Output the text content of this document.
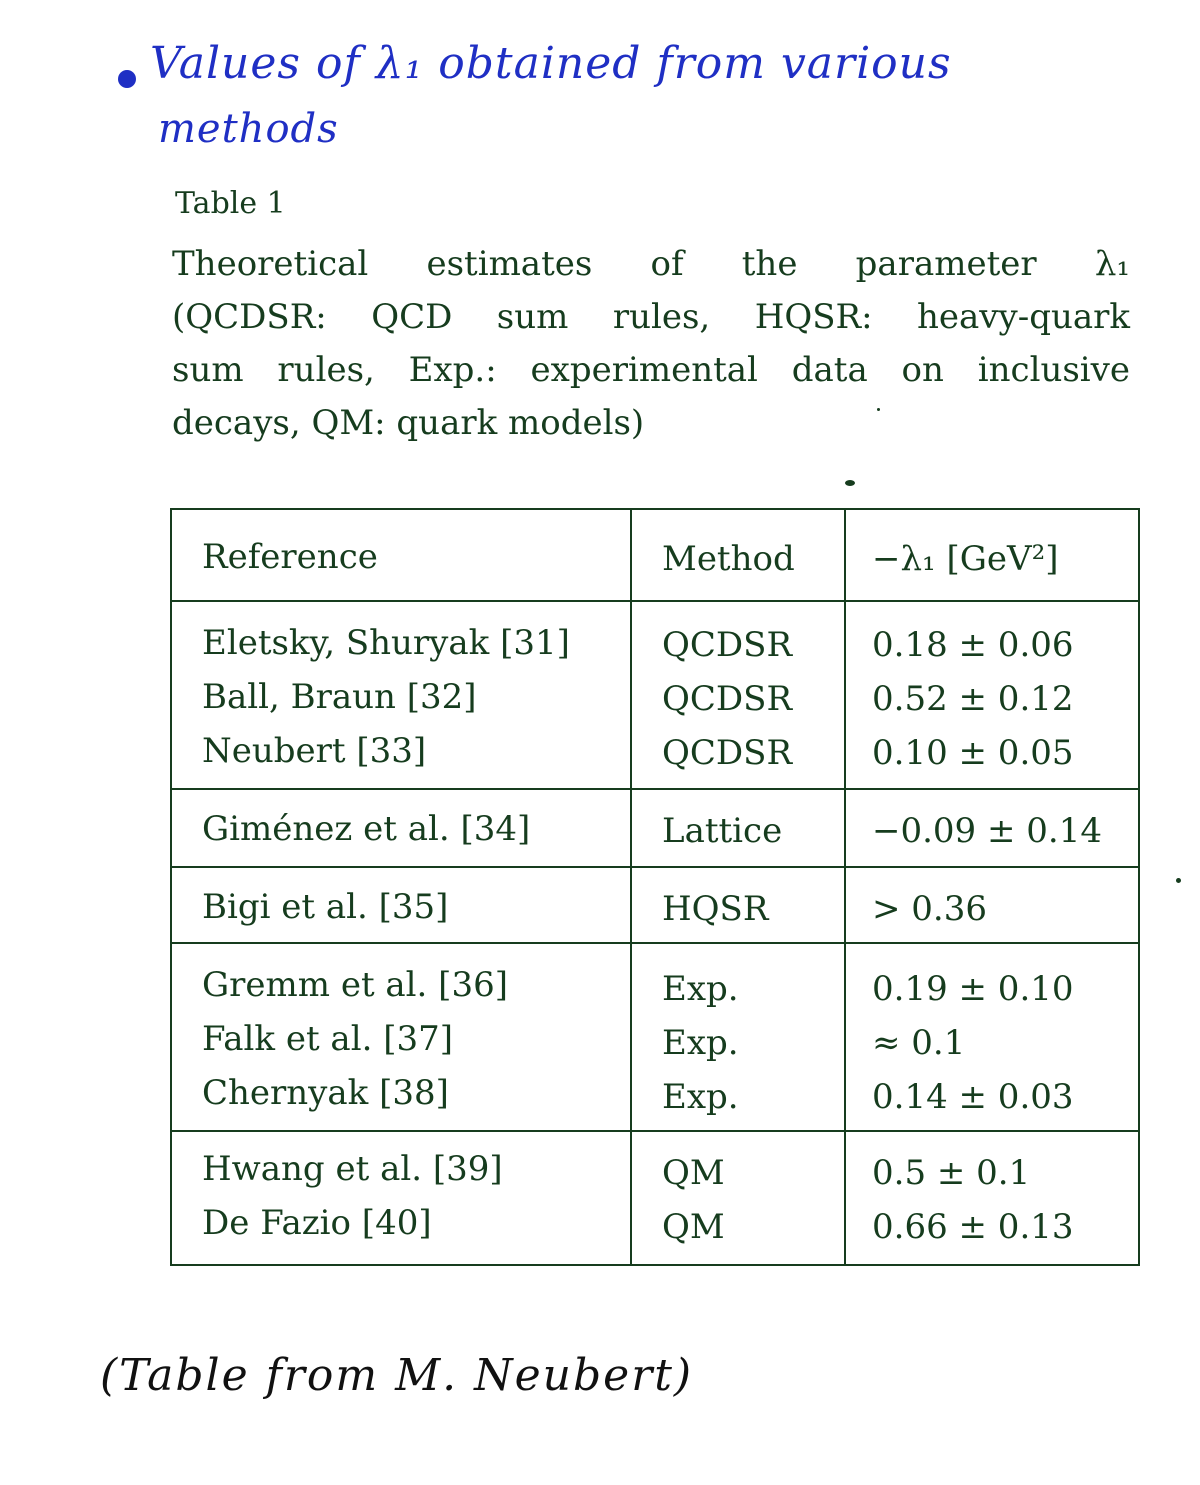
Values of λ₁ obtained from various
methods
Table 1
Theoretical estimates of the parameter λ₁
(QCDSR: QCD sum rules, HQSR: heavy-quark
sum rules, Exp.: experimental data on inclusive
decays, QM: quark models)
Reference	Method −λ₁ [GeV²]
Eletsky, Shuryak [31]	QCDSR 0.18 ± 0.06
Ball, Braun [32]	QCDSR 0.52 ± 0.12
Neubert [33]	QCDSR 0.10 ± 0.05
Giménez et al. [34]	Lattice	−0.09 ± 0.14
Bigi et al. [35]	HQSR	> 0.36
Gremm et al. [36]	Exp.	0.19 ± 0.10
Falk et al. [37]	Exp.	≈ 0.1
Chernyak [38]	Exp.	0.14 ± 0.03
Hwang et al. [39]	QM	0.5 ± 0.1
De Fazio [40]	QM	0.66 ± 0.13
(Table from M. Neubert)
